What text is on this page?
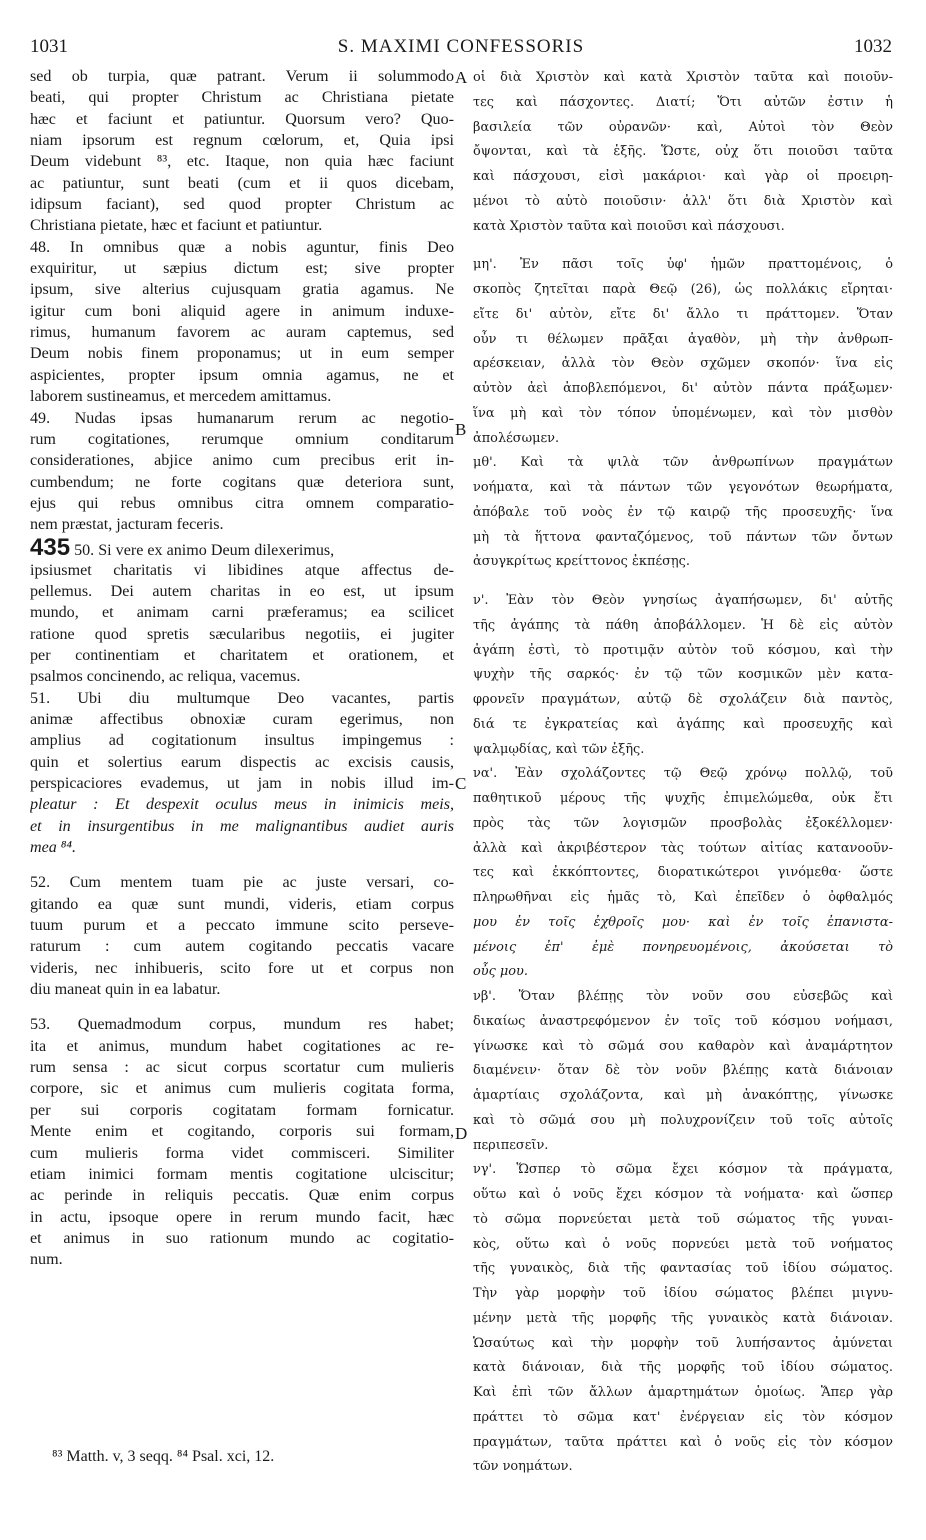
1031	S. MAXIMI CONFESSORIS	1032
A
B
C
D
sed ob turpia, quæ patrant. Verum ii solummodo
beati, qui propter Christum ac Christiana pietate
hæc et faciunt et patiuntur. Quorsum vero? Quo-
niam ipsorum est regnum cœlorum, et, Quia ipsi
Deum videbunt ⁸³, etc. Itaque, non quia hæc faciunt
ac patiuntur, sunt beati (cum et ii quos dicebam,
idipsum faciant), sed quod propter Christum ac
Christiana pietate, hæc et faciunt et patiuntur.
48. In omnibus quæ a nobis aguntur, finis Deo
exquiritur, ut sæpius dictum est; sive propter
ipsum, sive alterius cujusquam gratia agamus. Ne
igitur cum boni aliquid agere in animum induxe-
rimus, humanum favorem ac auram captemus, sed
Deum nobis finem proponamus; ut in eum semper
aspicientes, propter ipsum omnia agamus, ne et
laborem sustineamus, et mercedem amittamus.
49. Nudas ipsas humanarum rerum ac negotio-
rum cogitationes, rerumque omnium conditarum
considerationes, abjice animo cum precibus erit in-
cumbendum; ne forte cogitans quæ deteriora sunt,
ejus qui rebus omnibus citra omnem comparatio-
nem præstat, jacturam feceris.
435 50. Si vere ex animo Deum dilexerimus,
ipsiusmet charitatis vi libidines atque affectus de-
pellemus. Dei autem charitas in eo est, ut ipsum
mundo, et animam carni præferamus; ea scilicet
ratione quod spretis sæcularibus negotiis, ei jugiter
per continentiam et charitatem et orationem, et
psalmos concinendo, ac reliqua, vacemus.
51. Ubi diu multumque Deo vacantes, partis
animæ affectibus obnoxiæ curam egerimus, non
amplius ad cogitationum insultus impingemus :
quin et solertius earum dispectis ac excisis causis,
perspicaciores evademus, ut jam in nobis illud im-
pleatur : Et despexit oculus meus in inimicis meis,
et in insurgentibus in me malignantibus audiet auris
mea ⁸⁴.
52. Cum mentem tuam pie ac juste versari, co-
gitando ea quæ sunt mundi, videris, etiam corpus
tuum purum et a peccato immune scito perseve-
raturum : cum autem cogitando peccatis vacare
videris, nec inhibueris, scito fore ut et corpus non
diu maneat quin in ea labatur.
53. Quemadmodum corpus, mundum res habet;
ita et animus, mundum habet cogitationes ac re-
rum sensa : ac sicut corpus scortatur cum mulieris
corpore, sic et animus cum mulieris cogitata forma,
per sui corporis cogitatam formam fornicatur.
Mente enim et cogitando, corporis sui formam,
cum mulieris forma videt commisceri. Similiter
etiam inimici formam mentis cogitatione ulciscitur;
ac perinde in reliquis peccatis. Quæ enim corpus
in actu, ipsoque opere in rerum mundo facit, hæc
et animus in suo rationum mundo ac cogitatio-
num.
οἱ διὰ Χριστὸν καὶ κατὰ Χριστὸν ταῦτα καὶ ποιοῦν-
τες καὶ πάσχοντες. Διατί; Ὅτι αὐτῶν ἐστιν ἡ
βασιλεία τῶν οὐρανῶν· καὶ, Αὐτοὶ τὸν Θεὸν
ὄψονται, καὶ τὰ ἑξῆς. Ὥστε, οὐχ ὅτι ποιοῦσι ταῦτα
καὶ πάσχουσι, εἰσὶ μακάριοι· καὶ γὰρ οἱ προειρη-
μένοι τὸ αὐτὸ ποιοῦσιν· ἀλλ' ὅτι διὰ Χριστὸν καὶ
κατὰ Χριστὸν ταῦτα καὶ ποιοῦσι καὶ πάσχουσι.
μη'. Ἐν πᾶσι τοῖς ὑφ' ἡμῶν πραττομένοις, ὁ
σκοπὸς ζητεῖται παρὰ Θεῷ (26), ὡς πολλάκις εἴρηται·
εἴτε δι' αὐτὸν, εἴτε δι' ἄλλο τι πράττομεν. Ὅταν
οὖν τι θέλωμεν πρᾶξαι ἀγαθὸν, μὴ τὴν ἀνθρωπ-
αρέσκειαν, ἀλλὰ τὸν Θεὸν σχῶμεν σκοπόν· ἵνα εἰς
αὐτὸν ἀεὶ ἀποβλεπόμενοι, δι' αὐτὸν πάντα πράξωμεν·
ἵνα μὴ καὶ τὸν τόπον ὑπομένωμεν, καὶ τὸν μισθὸν
ἀπολέσωμεν.
μθ'. Καὶ τὰ ψιλὰ τῶν ἀνθρωπίνων πραγμάτων
νοήματα, καὶ τὰ πάντων τῶν γεγονότων θεωρήματα,
ἀπόβαλε τοῦ νοὸς ἐν τῷ καιρῷ τῆς προσευχῆς· ἵνα
μὴ τὰ ἥττονα φανταζόμενος, τοῦ πάντων τῶν ὄντων
ἀσυγκρίτως κρείττονος ἐκπέσῃς.
ν'. Ἐὰν τὸν Θεὸν γνησίως ἀγαπήσωμεν, δι' αὐτῆς
τῆς ἀγάπης τὰ πάθη ἀποβάλλομεν. Ἡ δὲ εἰς αὐτὸν
ἀγάπη ἐστὶ, τὸ προτιμᾷν αὐτὸν τοῦ κόσμου, καὶ τὴν
ψυχὴν τῆς σαρκός· ἐν τῷ τῶν κοσμικῶν μὲν κατα-
φρονεῖν πραγμάτων, αὐτῷ δὲ σχολάζειν διὰ παντὸς,
διά τε ἐγκρατείας καὶ ἀγάπης καὶ προσευχῆς καὶ
ψαλμῳδίας, καὶ τῶν ἑξῆς.
να'. Ἐὰν σχολάζοντες τῷ Θεῷ χρόνῳ πολλῷ, τοῦ
παθητικοῦ μέρους τῆς ψυχῆς ἐπιμελώμεθα, οὐκ ἔτι
πρὸς τὰς τῶν λογισμῶν προσβολὰς ἐξοκέλλομεν·
ἀλλὰ καὶ ἀκριβέστερον τὰς τούτων αἰτίας κατανοοῦν-
τες καὶ ἐκκόπτοντες, διορατικώτεροι γινόμεθα· ὥστε
πληρωθῆναι εἰς ἡμᾶς τὸ, Καὶ ἐπεῖδεν ὁ ὀφθαλμός
μου ἐν τοῖς ἐχθροῖς μου· καὶ ἐν τοῖς ἐπανιστα-
μένοις ἐπ' ἐμὲ πονηρευομένοις, ἀκούσεται τὸ
οὖς μου.
νβ'. Ὅταν βλέπῃς τὸν νοῦν σου εὐσεβῶς καὶ
δικαίως ἀναστρεφόμενον ἐν τοῖς τοῦ κόσμου νοήμασι,
γίνωσκε καὶ τὸ σῶμά σου καθαρὸν καὶ ἀναμάρτητον
διαμένειν· ὅταν δὲ τὸν νοῦν βλέπῃς κατὰ διάνοιαν
ἁμαρτίαις σχολάζοντα, καὶ μὴ ἀνακόπτῃς, γίνωσκε
καὶ τὸ σῶμά σου μὴ πολυχρονίζειν τοῦ τοῖς αὐτοῖς
περιπεσεῖν.
νγ'. Ὥσπερ τὸ σῶμα ἔχει κόσμον τὰ πράγματα,
οὕτω καὶ ὁ νοῦς ἔχει κόσμον τὰ νοήματα· καὶ ὥσπερ
τὸ σῶμα πορνεύεται μετὰ τοῦ σώματος τῆς γυναι-
κὸς, οὕτω καὶ ὁ νοῦς πορνεύει μετὰ τοῦ νοήματος
τῆς γυναικὸς, διὰ τῆς φαντασίας τοῦ ἰδίου σώματος.
Τὴν γὰρ μορφὴν τοῦ ἰδίου σώματος βλέπει μιγνυ-
μένην μετὰ τῆς μορφῆς τῆς γυναικὸς κατὰ διάνοιαν.
Ὡσαύτως καὶ τὴν μορφὴν τοῦ λυπήσαντος ἀμύνεται
κατὰ διάνοιαν, διὰ τῆς μορφῆς τοῦ ἰδίου σώματος.
Καὶ ἐπὶ τῶν ἄλλων ἁμαρτημάτων ὁμοίως. Ἅπερ γὰρ
πράττει τὸ σῶμα κατ' ἐνέργειαν εἰς τὸν κόσμον
πραγμάτων, ταῦτα πράττει καὶ ὁ νοῦς εἰς τὸν κόσμον
τῶν νοημάτων.
⁸³ Matth. v, 3 seqq. ⁸⁴ Psal. xci, 12.
